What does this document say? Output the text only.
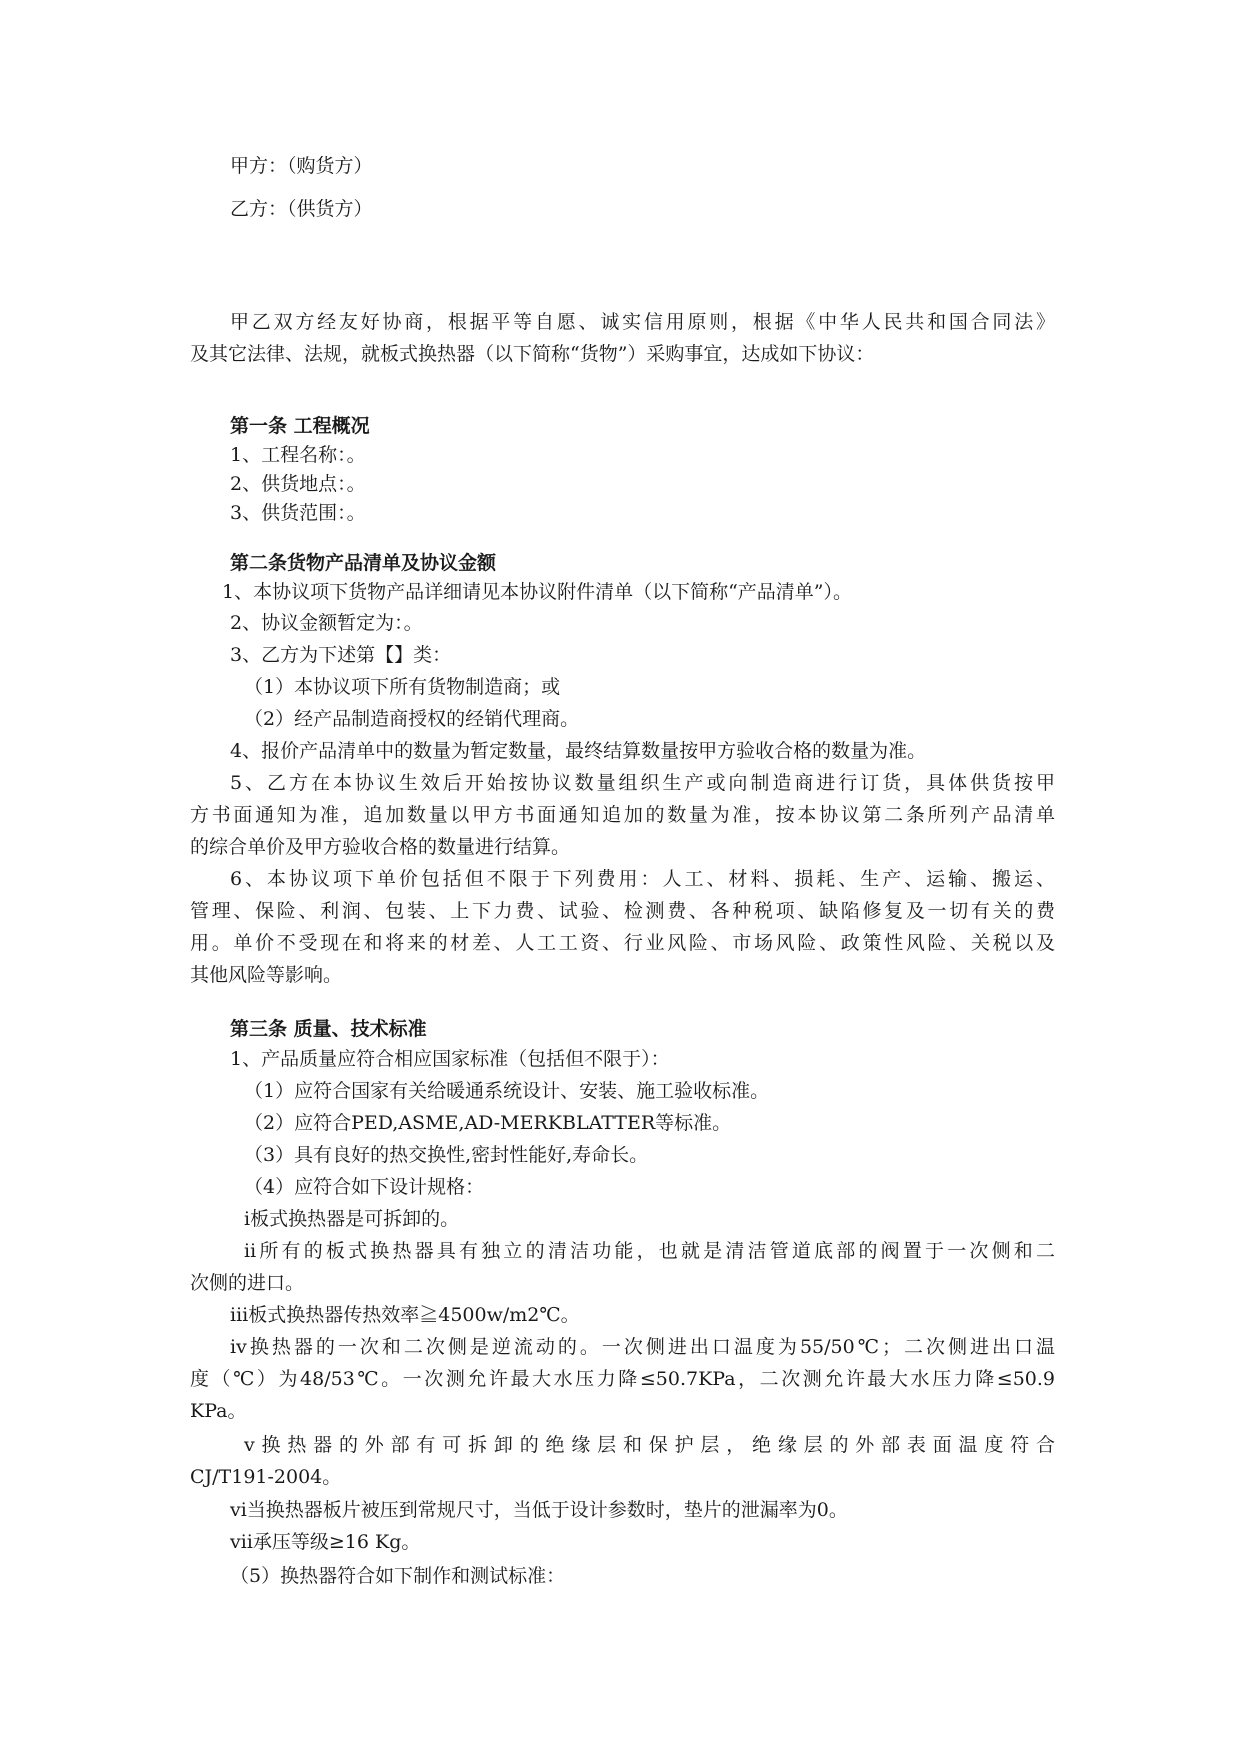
甲方：（购货方）
乙方：（供货方）
甲乙双方经友好协商，根据平等自愿、诚实信用原则，根据《中华人民共和国合同法》
及其它法律、法规，就板式换热器（以下简称“货物”）采购事宜，达成如下协议：
第一条 工程概况
1、工程名称：。
2、供货地点：。
3、供货范围：。
第二条货物产品清单及协议金额
1、本协议项下货物产品详细请见本协议附件清单（以下简称“产品清单”）。
2、协议金额暂定为：。
3、乙方为下述第【】类：
（1）本协议项下所有货物制造商；或
（2）经产品制造商授权的经销代理商。
4、报价产品清单中的数量为暂定数量，最终结算数量按甲方验收合格的数量为准。
5、乙方在本协议生效后开始按协议数量组织生产或向制造商进行订货，具体供货按甲
方书面通知为准，追加数量以甲方书面通知追加的数量为准，按本协议第二条所列产品清单
的综合单价及甲方验收合格的数量进行结算。
6、本协议项下单价包括但不限于下列费用：人工、材料、损耗、生产、运输、搬运、
管理、保险、利润、包装、上下力费、试验、检测费、各种税项、缺陷修复及一切有关的费
用。单价不受现在和将来的材差、人工工资、行业风险、市场风险、政策性风险、关税以及
其他风险等影响。
第三条 质量、技术标准
1、产品质量应符合相应国家标准（包括但不限于）：
（1）应符合国家有关给暖通系统设计、安装、施工验收标准。
（2）应符合PED,ASME,AD-MERKBLATTER等标准。
（3）具有良好的热交换性,密封性能好,寿命长。
（4）应符合如下设计规格：
ⅰ板式换热器是可拆卸的。
ⅱ所有的板式换热器具有独立的清洁功能，也就是清洁管道底部的阀置于一次侧和二
次侧的进口。
ⅲ板式换热器传热效率≧4500w/m2℃。
ⅳ换热器的一次和二次侧是逆流动的。一次侧进出口温度为55/50℃；二次侧进出口温
度（℃）为48/53℃。一次测允许最大水压力降≤50.7KPa，二次测允许最大水压力降≤50.9
KPa。
ⅴ换热器的外部有可拆卸的绝缘层和保护层，绝缘层的外部表面温度符合
CJ/T191-2004。
ⅵ当换热器板片被压到常规尺寸，当低于设计参数时，垫片的泄漏率为0。
ⅶ承压等级≥16 Kg。
（5）换热器符合如下制作和测试标准：
